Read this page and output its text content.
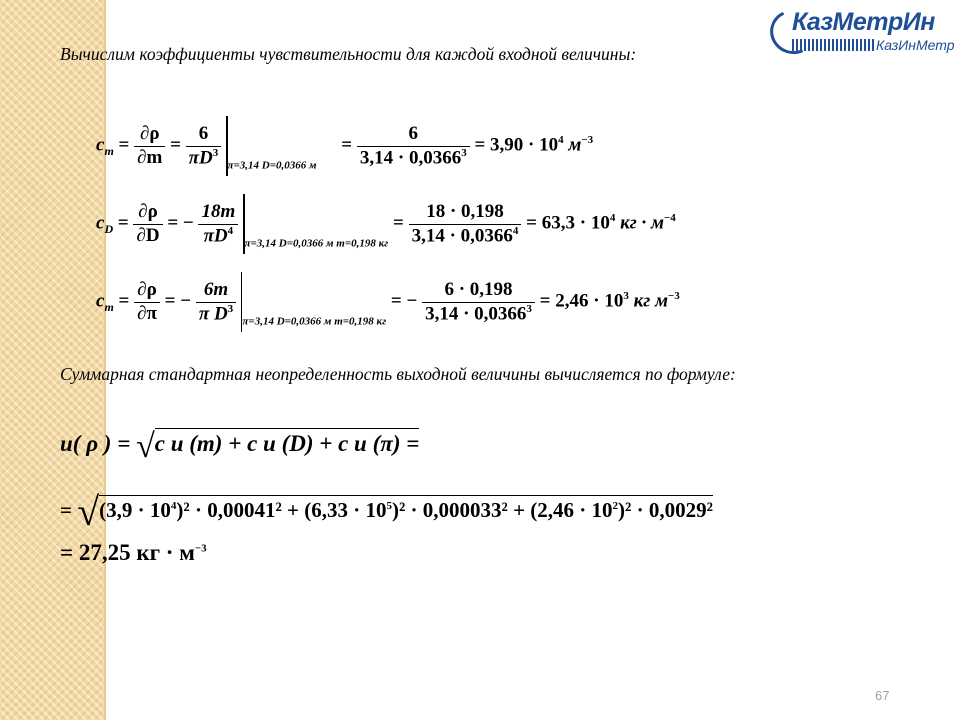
КазМетрИн
КазИнМетр
Вычислим коэффициенты чувствительности для каждой входной величины:
$c_m = \frac{\partial\rho}{\partial m} = \frac{6}{\pi D^3} _{\pi=3,14 D=0,0366 м} = \frac{6}{3,14 \cdot 0,0366^3} = 3,90 \cdot 10^4$ $м^{-3}$
$c_D = \frac{\partial\rho}{\partial D}$ = − $\frac{18m}{\pi D^4} _{\pi=3,14 D=0,0366 м m=0,198 кг} = \frac{18 \cdot 0,198}{3,14 \cdot 0,0366^4} = 63,3 \cdot 10^4$ кг · $м^{-4}$
$c_m = \frac{\partial\rho}{\partial\pi}$ = − $\frac{6m}{\pi D^3} _{\pi=3,14 D=0,0366 м m=0,198 кг}$ = − $\frac{6 \cdot 0,198}{3,14 \cdot 0,0366^3} = 2,46 \cdot 10^3$ кг $м^{-3}$
Суммарная стандартная неопределенность выходной величины вычисляется по формуле:
u( ρ ) = √c u (m) + c u (D) + c u (π) =
= $√(3,9 \cdot 10^4)^2 \cdot 0,00041^2 + (6,33 \cdot 10^5)^2 \cdot 0,000033^2 + (2,46 \cdot 10^2)^2 \cdot 0,0029^2$
= 27,25 кг · $м^{-3}$
67
